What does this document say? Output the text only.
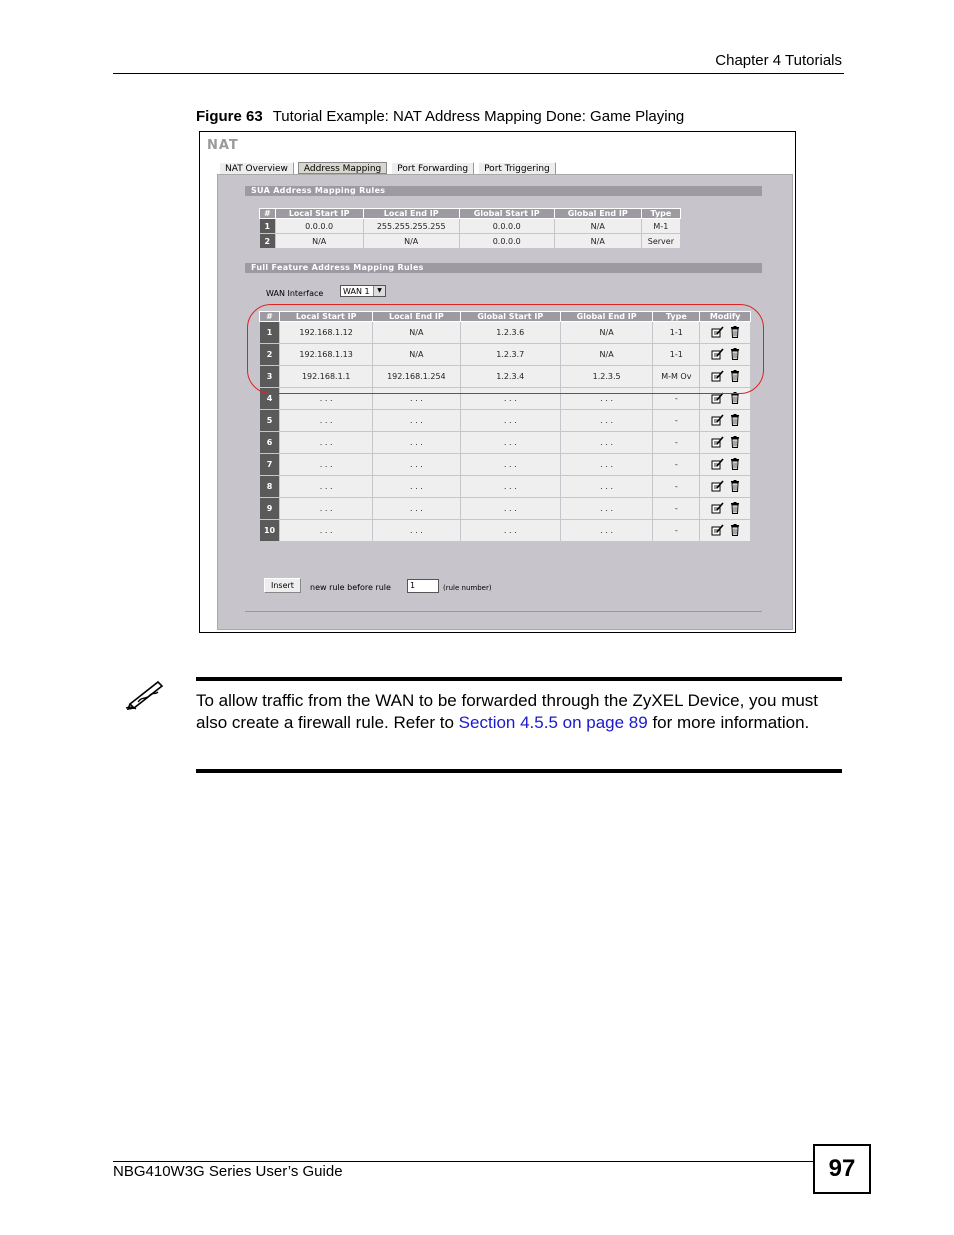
Chapter 4 Tutorials
Figure 63 Tutorial Example: NAT Address Mapping Done: Game Playing
NAT
NAT Overview	Address Mapping	Port Forwarding	Port Triggering
SUA Address Mapping Rules
#	Local Start IP	Local End IP	Global Start IP	Global End IP	Type
1	0.0.0.0	255.255.255.255	0.0.0.0	N/A	M-1
2	N/A	N/A	0.0.0.0	N/A	Server
Full Feature Address Mapping Rules
WAN Interface	WAN 1	▼
#	Local Start IP	Local End IP	Global Start IP	Global End IP	Type	Modify
1	192.168.1.12	N/A	1.2.3.6	N/A	1-1	
2	192.168.1.13	N/A	1.2.3.7	N/A	1-1	
3	192.168.1.1	192.168.1.254	1.2.3.4	1.2.3.5	M-M Ov	
4	. . .	. . .	. . .	. . .	-	
5	. . .	. . .	. . .	. . .	-	
6	. . .	. . .	. . .	. . .	-	
7	. . .	. . .	. . .	. . .	-	
8	. . .	. . .	. . .	. . .	-	
9	. . .	. . .	. . .	. . .	-	
10	. . .	. . .	. . .	. . .	-	
Insert	new rule before rule	1	(rule number)
To allow traffic from the WAN to be forwarded through the ZyXEL Device, you must also create a firewall rule. Refer to Section 4.5.5 on page 89 for more information.
NBG410W3G Series User’s Guide	97
